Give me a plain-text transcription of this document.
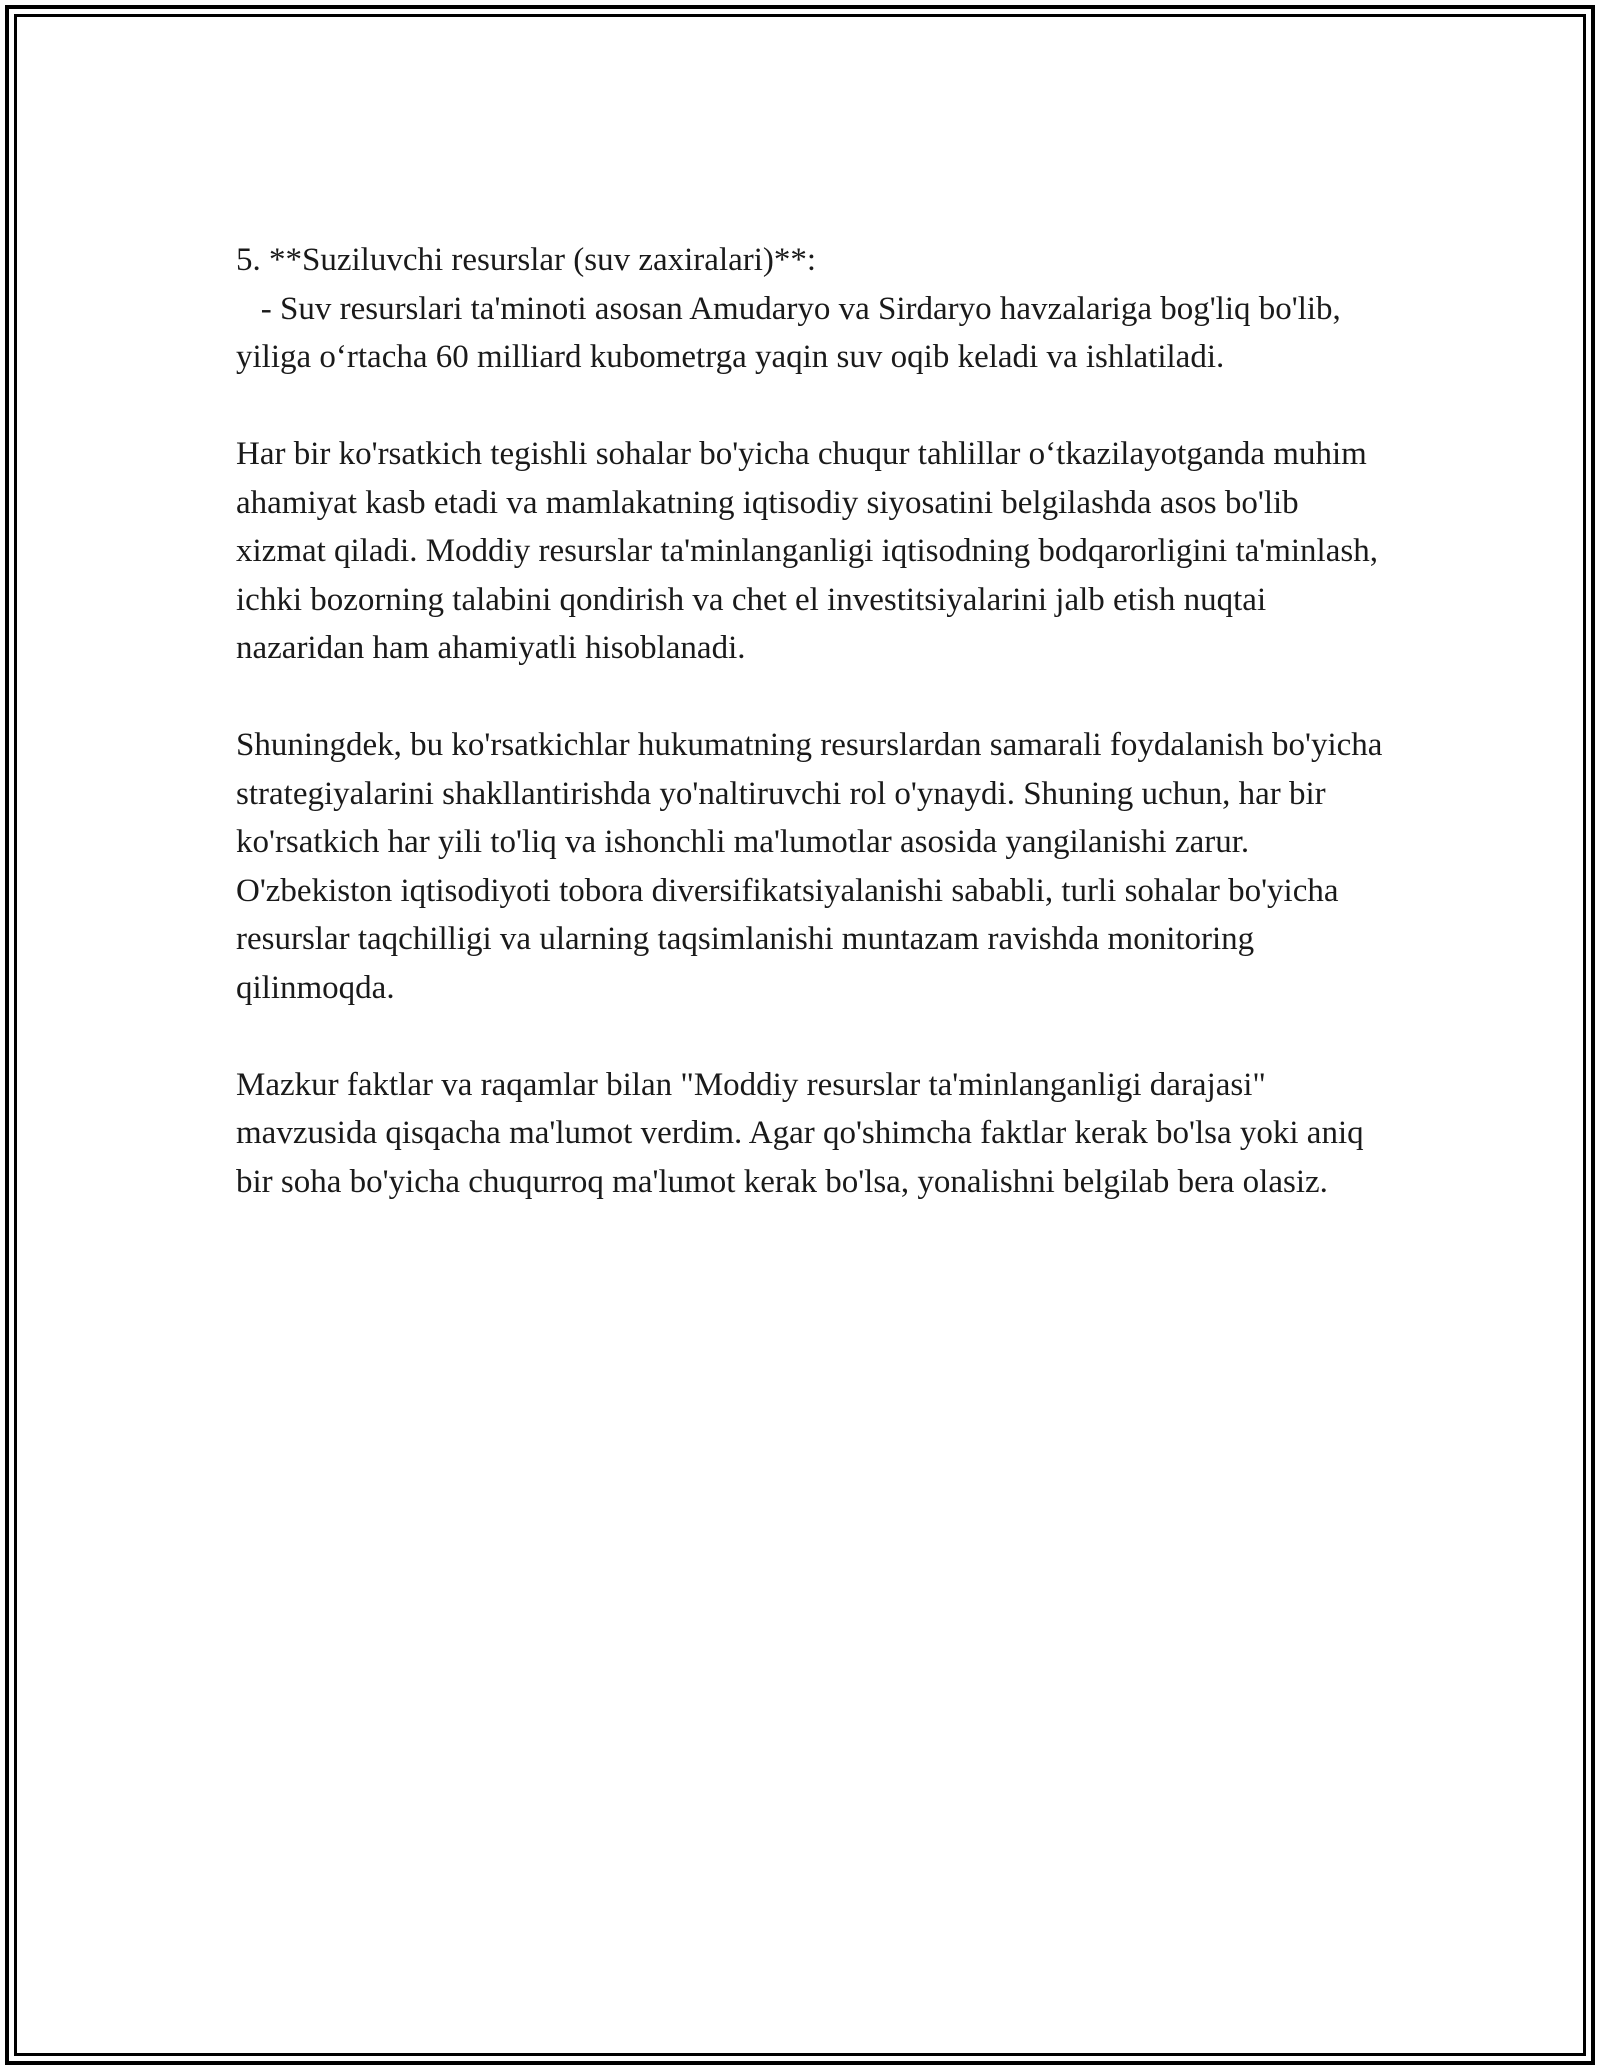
5. **Suziluvchi resurslar (suv zaxiralari)**:
- Suv resurslari ta'minoti asosan Amudaryo va Sirdaryo havzalariga bog'liq bo'lib, yiliga o‘rtacha 60 milliard kubometrga yaqin suv oqib keladi va ishlatiladi.

Har bir ko'rsatkich tegishli sohalar bo'yicha chuqur tahlillar o‘tkazilayotganda muhim ahamiyat kasb etadi va mamlakatning iqtisodiy siyosatini belgilashda asos bo'lib xizmat qiladi. Moddiy resurslar ta'minlanganligi iqtisodning bodqarorligini ta'minlash, ichki bozorning talabini qondirish va chet el investitsiyalarini jalb etish nuqtai nazaridan ham ahamiyatli hisoblanadi.

Shuningdek, bu ko'rsatkichlar hukumatning resurslardan samarali foydalanish bo'yicha strategiyalarini shakllantirishda yo'naltiruvchi rol o'ynaydi. Shuning uchun, har bir ko'rsatkich har yili to'liq va ishonchli ma'lumotlar asosida yangilanishi zarur. O'zbekiston iqtisodiyoti tobora diversifikatsiyalanishi sababli, turli sohalar bo'yicha resurslar taqchilligi va ularning taqsimlanishi muntazam ravishda monitoring qilinmoqda.

Mazkur faktlar va raqamlar bilan "Moddiy resurslar ta'minlanganligi darajasi" mavzusida qisqacha ma'lumot verdim. Agar qo'shimcha faktlar kerak bo'lsa yoki aniq bir soha bo'yicha chuqurroq ma'lumot kerak bo'lsa, yonalishni belgilab bera olasiz.
